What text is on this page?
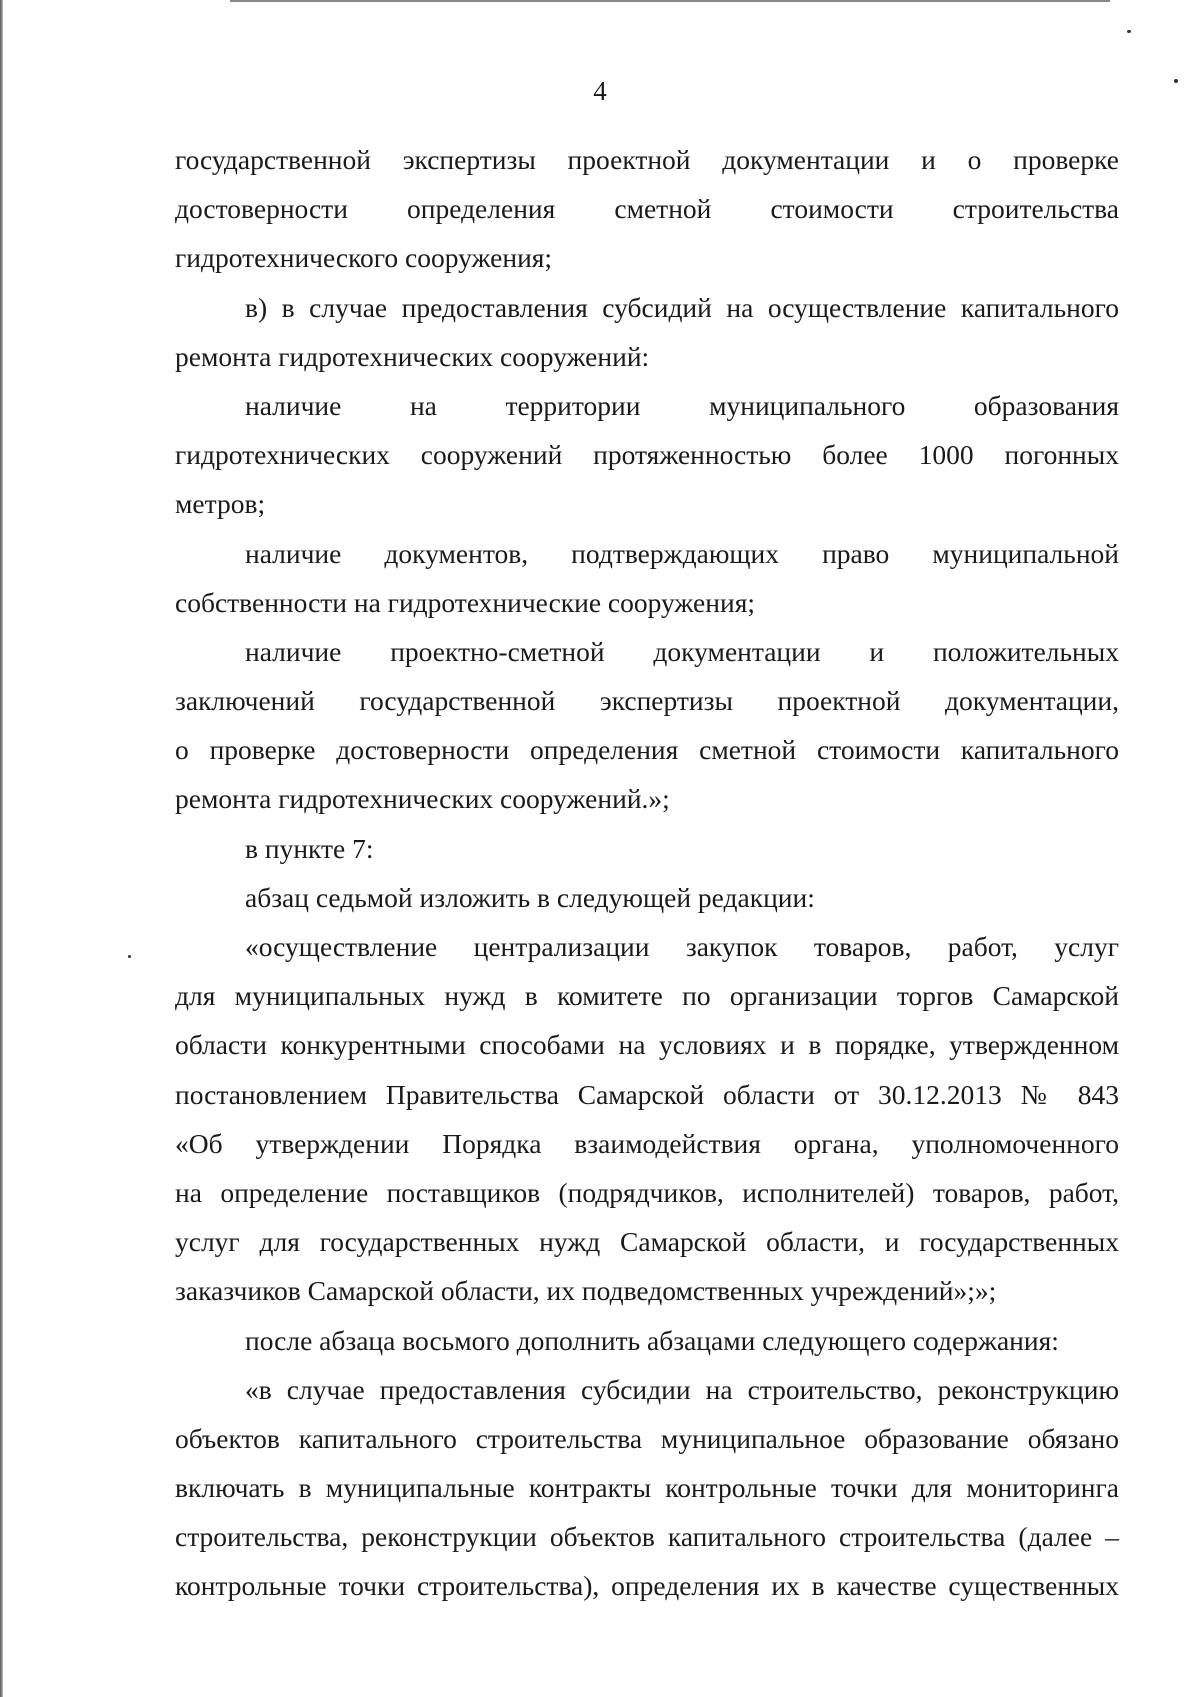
4
государственной экспертизы проектной документации и о проверке
достоверности определения сметной стоимости строительства
гидротехнического сооружения;
в) в случае предоставления субсидий на осуществление капитального
ремонта гидротехнических сооружений:
наличие на территории муниципального образования
гидротехнических сооружений протяженностью более 1000 погонных
метров;
наличие документов, подтверждающих право муниципальной
собственности на гидротехнические сооружения;
наличие проектно-сметной документации и положительных
заключений государственной экспертизы проектной документации,
о проверке достоверности определения сметной стоимости капитального
ремонта гидротехнических сооружений.»;
в пункте 7:
абзац седьмой изложить в следующей редакции:
«осуществление централизации закупок товаров, работ, услуг
для муниципальных нужд в комитете по организации торгов Самарской
области конкурентными способами на условиях и в порядке, утвержденном
постановлением Правительства Самарской области от 30.12.2013 № 843
«Об утверждении Порядка взаимодействия органа, уполномоченного
на определение поставщиков (подрядчиков, исполнителей) товаров, работ,
услуг для государственных нужд Самарской области, и государственных
заказчиков Самарской области, их подведомственных учреждений»;»;
после абзаца восьмого дополнить абзацами следующего содержания:
«в случае предоставления субсидии на строительство, реконструкцию
объектов капитального строительства муниципальное образование обязано
включать в муниципальные контракты контрольные точки для мониторинга
строительства, реконструкции объектов капитального строительства (далее –
контрольные точки строительства), определения их в качестве существенных
